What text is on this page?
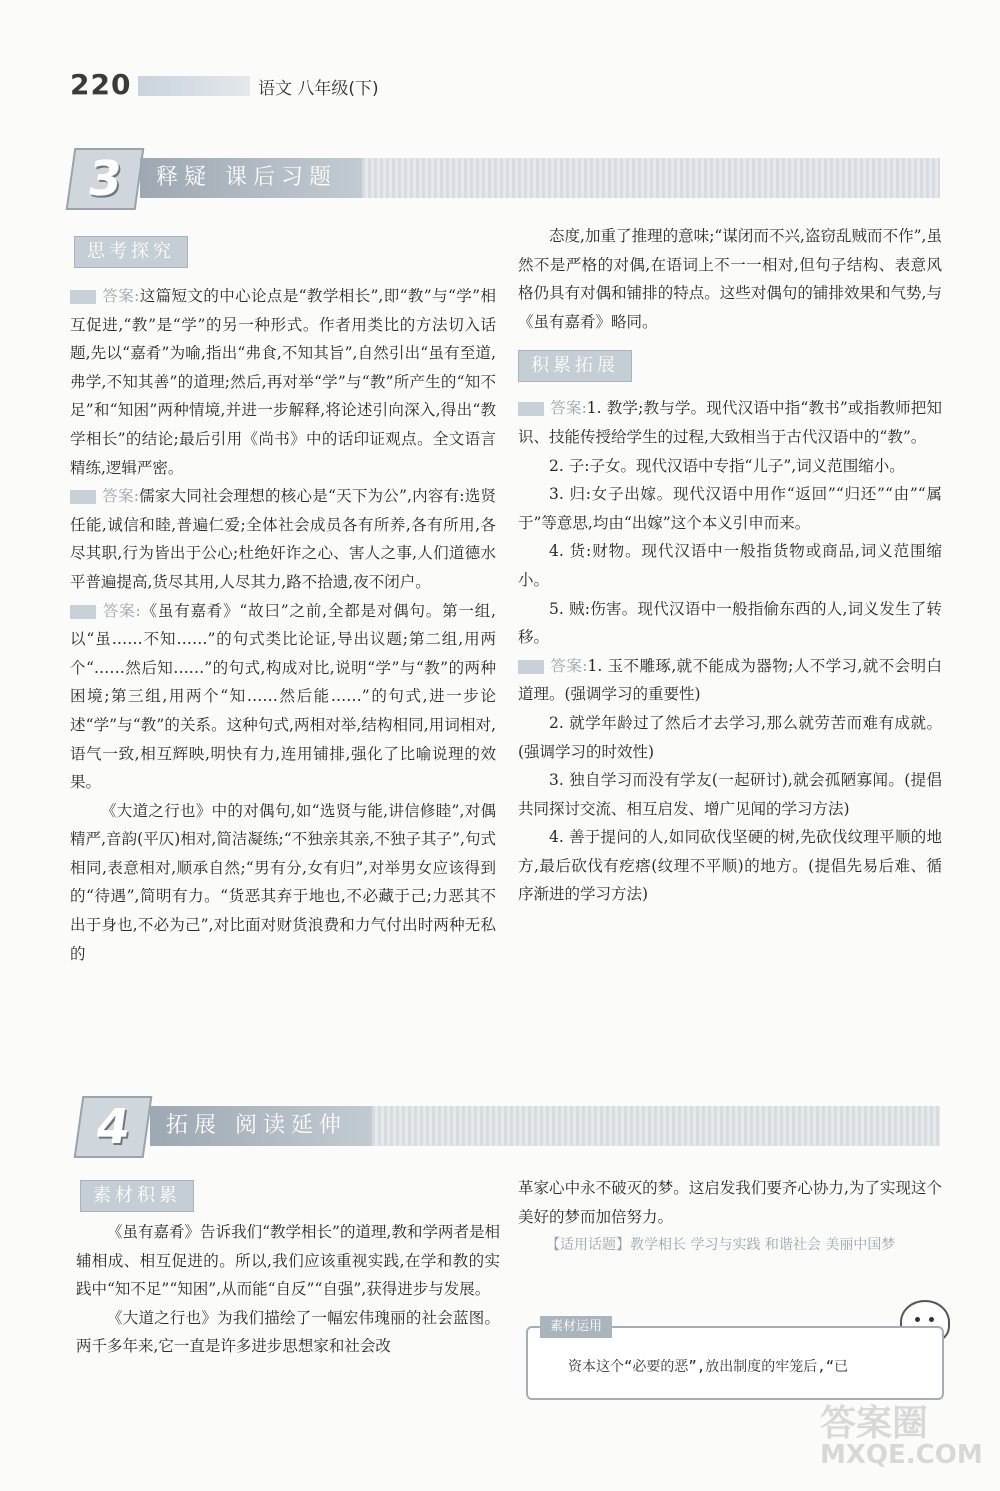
220	语文 八年级(下)
3	释疑 课后习题
思考探究

答案:这篇短文的中心论点是“教学相长”,即“教”与“学”相互促进,“教”是“学”的另一种形式。作者用类比的方法切入话题,先以“嘉肴”为喻,指出“弗食,不知其旨”,自然引出“虽有至道,弗学,不知其善”的道理;然后,再对举“学”与“教”所产生的“知不足”和“知困”两种情境,并进一步解释,将论述引向深入,得出“教学相长”的结论;最后引用《尚书》中的话印证观点。全文语言精练,逻辑严密。

答案:儒家大同社会理想的核心是“天下为公”,内容有:选贤任能,诚信和睦,普遍仁爱;全体社会成员各有所养,各有所用,各尽其职,行为皆出于公心;杜绝奸诈之心、害人之事,人们道德水平普遍提高,货尽其用,人尽其力,路不拾遗,夜不闭户。

答案:《虽有嘉肴》“故曰”之前,全都是对偶句。第一组,以“虽……不知……”的句式类比论证,导出议题;第二组,用两个“……然后知……”的句式,构成对比,说明“学”与“教”的两种困境;第三组,用两个“知……然后能……”的句式,进一步论述“学”与“教”的关系。这种句式,两相对举,结构相同,用词相对,语气一致,相互辉映,明快有力,连用铺排,强化了比喻说理的效果。

《大道之行也》中的对偶句,如“选贤与能,讲信修睦”,对偶精严,音韵(平仄)相对,简洁凝练;“不独亲其亲,不独子其子”,句式相同,表意相对,顺承自然;“男有分,女有归”,对举男女应该得到的“待遇”,简明有力。“货恶其弃于地也,不必藏于己;力恶其不出于身也,不必为己”,对比面对财货浪费和力气付出时两种无私的

态度,加重了推理的意味;“谋闭而不兴,盗窃乱贼而不作”,虽然不是严格的对偶,在语词上不一一相对,但句子结构、表意风格仍具有对偶和铺排的特点。这些对偶句的铺排效果和气势,与《虽有嘉肴》略同。

积累拓展

答案:1. 教学;教与学。现代汉语中指“教书”或指教师把知识、技能传授给学生的过程,大致相当于古代汉语中的“教”。

2. 子:子女。现代汉语中专指“儿子”,词义范围缩小。

3. 归:女子出嫁。现代汉语中用作“返回”“归还”“由”“属于”等意思,均由“出嫁”这个本义引申而来。

4. 货:财物。现代汉语中一般指货物或商品,词义范围缩小。

5. 贼:伤害。现代汉语中一般指偷东西的人,词义发生了转移。

答案:1. 玉不雕琢,就不能成为器物;人不学习,就不会明白道理。(强调学习的重要性)

2. 就学年龄过了然后才去学习,那么就劳苦而难有成就。(强调学习的时效性)

3. 独自学习而没有学友(一起研讨),就会孤陋寡闻。(提倡共同探讨交流、相互启发、增广见闻的学习方法)

4. 善于提问的人,如同砍伐坚硬的树,先砍伐纹理平顺的地方,最后砍伐有疙瘩(纹理不平顺)的地方。(提倡先易后难、循序渐进的学习方法)

4	拓展 阅读延伸
素材积累

《虽有嘉肴》告诉我们“教学相长”的道理,教和学两者是相辅相成、相互促进的。所以,我们应该重视实践,在学和教的实践中“知不足”“知困”,从而能“自反”“自强”,获得进步与发展。

《大道之行也》为我们描绘了一幅宏伟瑰丽的社会蓝图。两千多年来,它一直是许多进步思想家和社会改

革家心中永不破灭的梦。这启发我们要齐心协力,为了实现这个美好的梦而加倍努力。

【适用话题】教学相长 学习与实践 和谐社会 美丽中国梦

素材运用
资本这个“必要的恶”,放出制度的牢笼后,“已
答案圈
MXQE.COM
